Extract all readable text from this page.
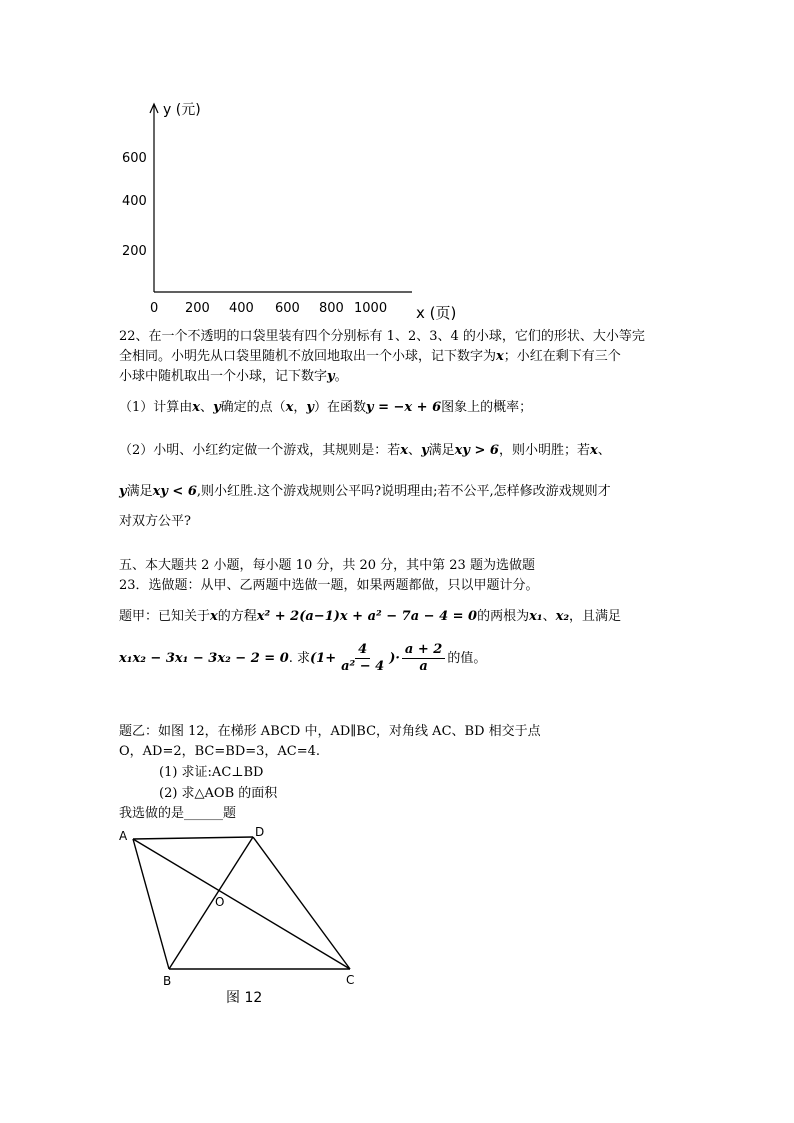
y (元)
600
400
200
0 200 400 600 800 1000 x (页)
22、在一个不透明的口袋里装有四个分别标有 1、2、3、4 的小球，它们的形状、大小等完
全相同。小明先从口袋里随机不放回地取出一个小球，记下数字为x；小红在剩下有三个
小球中随机取出一个小球，记下数字y。
（1）计算由x、y确定的点（x，y）在函数y = −x + 6图象上的概率；
（2）小明、小红约定做一个游戏，其规则是：若x、y满足xy > 6，则小明胜；若x、
y满足xy < 6,则小红胜.这个游戏规则公平吗?说明理由;若不公平,怎样修改游戏规则才
对双方公平?
五、本大题共 2 小题，每小题 10 分，共 20 分，其中第 23 题为选做题
23．选做题：从甲、乙两题中选做一题，如果两题都做，只以甲题计分。
题甲：已知关于x的方程x² + 2(a−1)x + a² − 7a − 4 = 0的两根为x₁、x₂，且满足
x₁x₂ − 3x₁ − 3x₂ − 2 = 0. 求($1+ \frac{4}{\text{a² − 4}}$ )· $\frac{a + 2}{a}$ 的值。
题乙：如图 12，在梯形 ABCD 中，AD∥BC，对角线 AC、BD 相交于点
O，AD=2，BC=BD=3，AC=4.
(1) 求证:AC⊥BD
(2) 求△AOB 的面积
我选做的是______题
A	D
O
B	C
图 12
